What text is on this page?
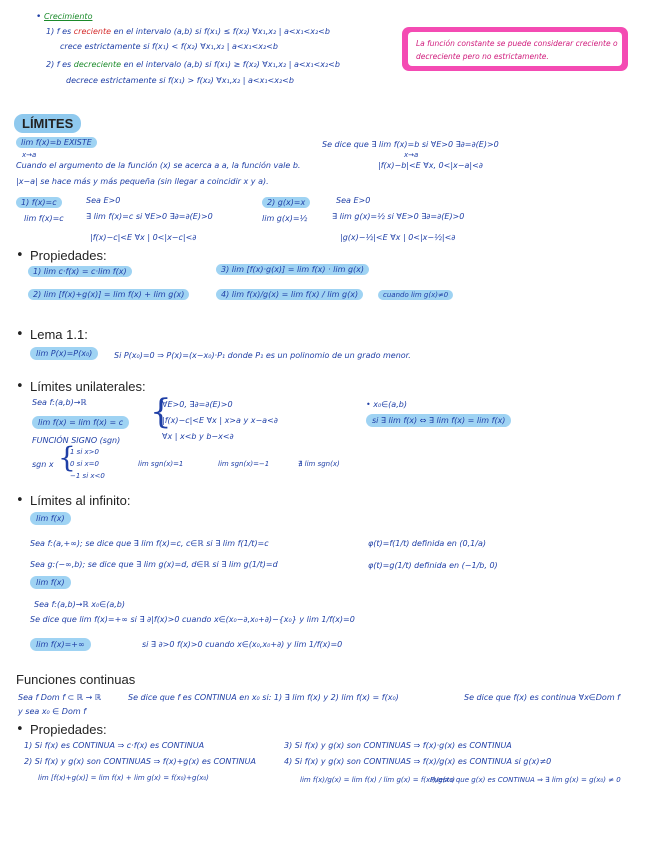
• Crecimiento
1) f es creciente en el intervalo (a,b) si f(x₁) ≤ f(x₂) ∀x₁,x₂ | a<x₁<x₂<b
crece estrictamente si f(x₁) < f(x₂) ∀x₁,x₂ | a<x₁<x₂<b
2) f es decreciente en el intervalo (a,b) si f(x₁) ≥ f(x₂) ∀x₁,x₂ | a<x₁<x₂<b
decrece estrictamente si f(x₁) > f(x₂) ∀x₁,x₂ | a<x₁<x₂<b
La función constante se puede considerar creciente o decreciente pero no estrictamente.
LÍMITES
lim f(x)=b EXISTE
x→a
Se dice que ∃ lim f(x)=b si ∀E>0 ∃∂=∂(E)>0
x→a
Cuando el argumento de la función (x) se acerca a a, la función vale b.	|f(x)−b|<E ∀x, 0<|x−a|<∂
|x−a| se hace más y más pequeña (sin llegar a coincidir x y a).
1) f(x)=c	Sea E>0
lim f(x)=c	∃ lim f(x)=c si ∀E>0 ∃∂=∂(E)>0
|f(x)−c|<E ∀x | 0<|x−c|<∂
2) g(x)=x	Sea E>0
lim g(x)=½	∃ lim g(x)=½ si ∀E>0 ∃∂=∂(E)>0
|g(x)−½|<E ∀x | 0<|x−½|<∂
• Propiedades:
1) lim c·f(x) = c·lim f(x)
2) lim [f(x)+g(x)] = lim f(x) + lim g(x)
3) lim [f(x)·g(x)] = lim f(x) · lim g(x)
4) lim f(x)/g(x) = lim f(x) / lim g(x)	cuando lim g(x)≠0
• Lema 1.1:
lim P(x)=P(x₀)	Si P(x₀)=0 ⇒ P(x)=(x−x₀)·P₁ donde P₁ es un polinomio de un grado menor.
• Límites unilaterales:
Sea f:(a,b)→ℝ
lim f(x) = lim f(x) = c {
∀E>0, ∃∂=∂(E)>0
|f(x)−c|<E ∀x | x>a y x−a<∂
∀x | x<b y b−x<∂
• x₀∈(a,b)
si ∃ lim f(x) ⇔ ∃ lim f(x) = lim f(x)
FUNCIÓN SIGNO (sgn)
sgn x {
1 si x>0
0 si x=0
−1 si x<0
lim sgn(x)=1	lim sgn(x)=−1	∄ lim sgn(x)
• Límites al infinito:
lim f(x)
Sea f:(a,+∞); se dice que ∃ lim f(x)=c, c∈ℝ si ∃ lim f(1/t)=c	φ(t)=f(1/t) definida en (0,1/a)
Sea g:(−∞,b); se dice que ∃ lim g(x)=d, d∈ℝ si ∃ lim g(1/t)=d	φ(t)=g(1/t) definida en (−1/b, 0)
lim f(x)
Sea f:(a,b)→ℝ x₀∈(a,b)
Se dice que lim f(x)=+∞ si ∃ ∂|f(x)>0 cuando x∈(x₀−∂,x₀+∂)−{x₀} y lim 1/f(x)=0
lim f(x)=+∞	si ∃ ∂>0 f(x)>0 cuando x∈(x₀,x₀+∂) y lim 1/f(x)=0
Funciones continuas
Sea f Dom f ⊂ ℝ → ℝ
y sea x₀ ∈ Dom f
Se dice que f es CONTINUA en x₀ si: 1) ∃ lim f(x) y 2) lim f(x) = f(x₀)	Se dice que f(x) es continua ∀x∈Dom f
• Propiedades:
1) Si f(x) es CONTINUA ⇒ c·f(x) es CONTINUA
2) Si f(x) y g(x) son CONTINUAS ⇒ f(x)+g(x) es CONTINUA
lim [f(x)+g(x)] = lim f(x) + lim g(x) = f(x₀)+g(x₀)
3) Si f(x) y g(x) son CONTINUAS ⇒ f(x)·g(x) es CONTINUA
4) Si f(x) y g(x) son CONTINUAS ⇒ f(x)/g(x) es CONTINUA si g(x)≠0
lim f(x)/g(x) = lim f(x) / lim g(x) = f(x₀)/g(x₀)
Puesto que g(x) es CONTINUA ⇒ ∃ lim g(x) = g(x₀) ≠ 0
